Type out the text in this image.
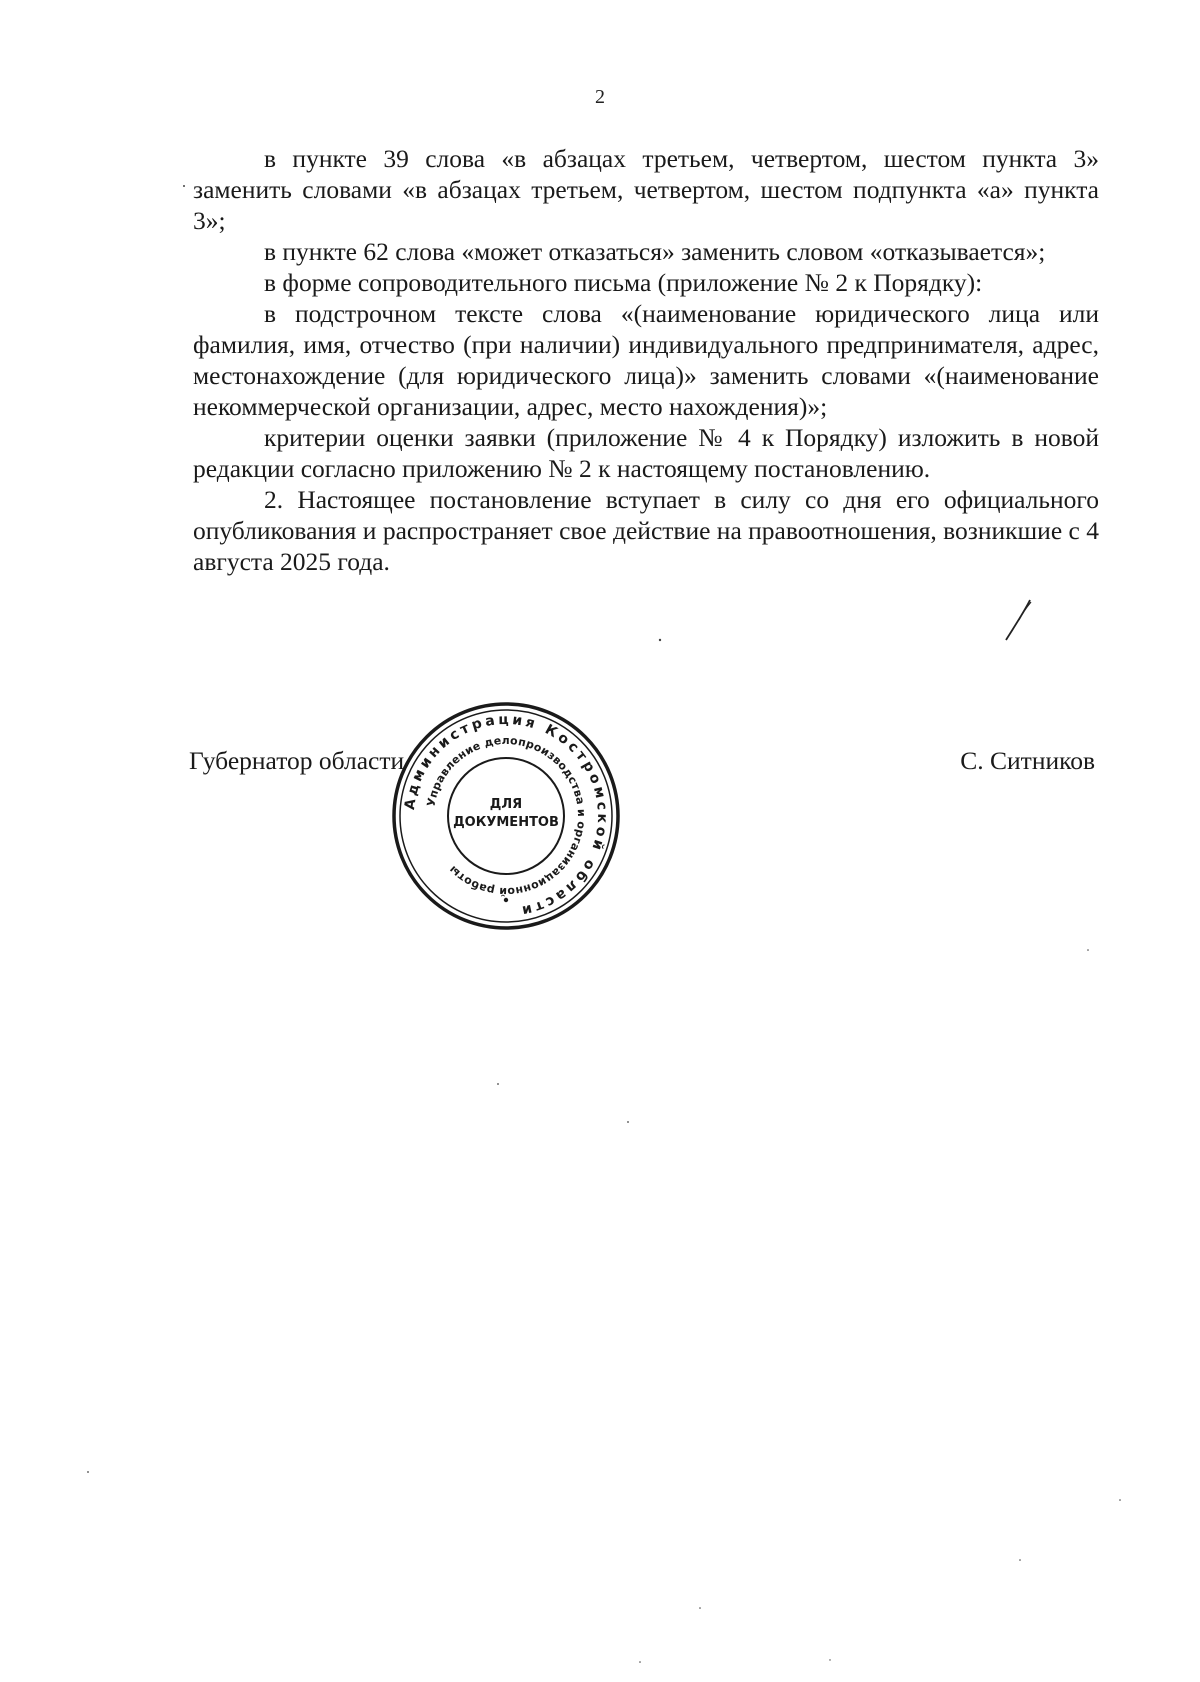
2

в пункте 39 слова «в абзацах третьем, четвертом, шестом пункта 3» заменить словами «в абзацах третьем, четвертом, шестом подпункта «а» пункта 3»;

в пункте 62 слова «может отказаться» заменить словом «отказывается»;

в форме сопроводительного письма (приложение № 2 к Порядку):

в подстрочном тексте слова «(наименование юридического лица или фамилия, имя, отчество (при наличии) индивидуального предпринимателя, адрес, местонахождение (для юридического лица)» заменить словами «(наименование некоммерческой организации, адрес, место нахождения)»;

критерии оценки заявки (приложение № 4 к Порядку) изложить в новой редакции согласно приложению № 2 к настоящему постановлению.

2. Настоящее постановление вступает в силу со дня его официального опубликования и распространяет свое действие на правоотношения, возникшие с 4 августа 2025 года.

Губернатор области	С. Ситников
Администрация Костромской области
Управление делопроизводства и организационной работы
ДЛЯ
ДОКУМЕНТОВ
